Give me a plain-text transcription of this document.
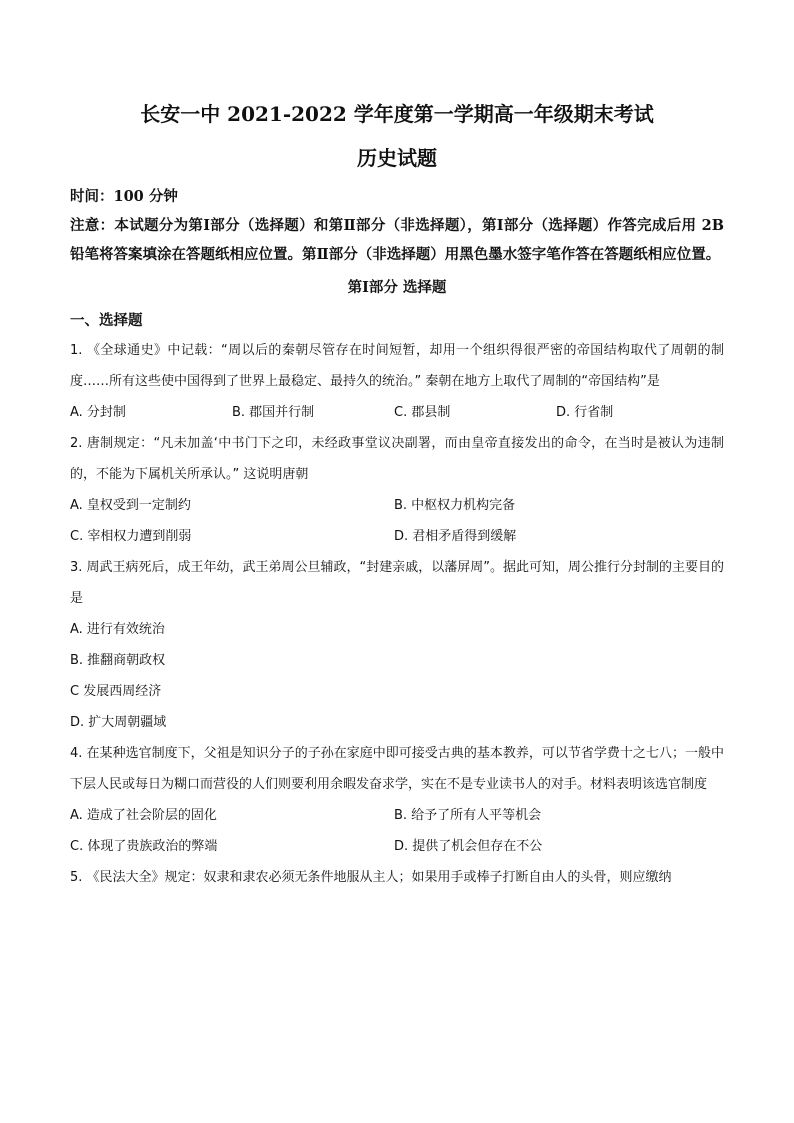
长安一中 2021-2022 学年度第一学期高一年级期末考试
历史试题

时间：100 分钟

注意：本试题分为第Ⅰ部分（选择题）和第Ⅱ部分（非选择题），第Ⅰ部分（选择题）作答完成后用 2B 铅笔将答案填涂在答题纸相应位置。第Ⅱ部分（非选择题）用黑色墨水签字笔作答在答题纸相应位置。

第Ⅰ部分 选择题

一、选择题

1. 《全球通史》中记载：“周以后的秦朝尽管存在时间短暂，却用一个组织得很严密的帝国结构取代了周朝的制度……所有这些使中国得到了世界上最稳定、最持久的统治。” 秦朝在地方上取代了周制的“帝国结构”是

A. 分封制	B. 郡国并行制	C. 郡县制	D. 行省制

2. 唐制规定：“凡未加盖‘中书门下之印，未经政事堂议决副署，而由皇帝直接发出的命令，在当时是被认为违制的，不能为下属机关所承认。” 这说明唐朝

A. 皇权受到一定制约	B. 中枢权力机构完备
C. 宰相权力遭到削弱	D. 君相矛盾得到缓解

3. 周武王病死后，成王年幼，武王弟周公旦辅政，“封建亲戚，以藩屏周”。据此可知，周公推行分封制的主要目的是

A. 进行有效统治
B. 推翻商朝政权
C 发展西周经济
D. 扩大周朝疆域

4. 在某种选官制度下，父祖是知识分子的子孙在家庭中即可接受古典的基本教养，可以节省学费十之七八；一般中下层人民或每日为糊口而营役的人们则要利用余暇发奋求学，实在不是专业读书人的对手。材料表明该选官制度

A. 造成了社会阶层的固化	B. 给予了所有人平等机会
C. 体现了贵族政治的弊端	D. 提供了机会但存在不公

5. 《民法大全》规定：奴隶和隶农必须无条件地服从主人；如果用手或棒子打断自由人的头骨，则应缴纳
